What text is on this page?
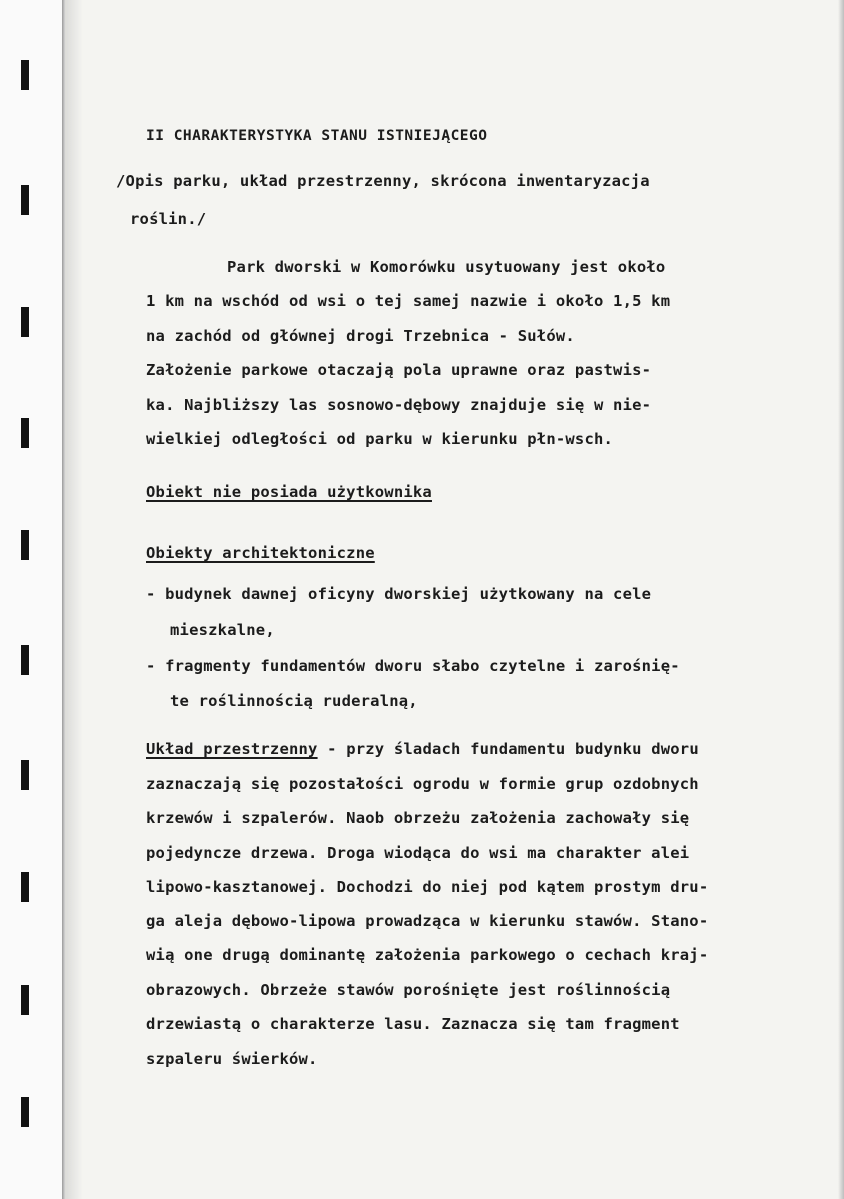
II CHARAKTERYSTYKA STANU ISTNIEJĄCEGO
/Opis parku, układ przestrzenny, skrócona inwentaryzacja
roślin./
Park dworski w Komorówku usytuowany jest około
1 km na wschód od wsi o tej samej nazwie i około 1,5 km
na zachód od głównej drogi Trzebnica - Sułów.
Założenie parkowe otaczają pola uprawne oraz pastwis-
ka. Najbliższy las sosnowo-dębowy znajduje się w nie-
wielkiej odległości od parku w kierunku płn-wsch.
Obiekt nie posiada użytkownika
Obiekty architektoniczne
- budynek dawnej oficyny dworskiej użytkowany na cele
mieszkalne,
- fragmenty fundamentów dworu słabo czytelne i zarośnię-
te roślinnością ruderalną,
Układ przestrzenny - przy śladach fundamentu budynku dworu
zaznaczają się pozostałości ogrodu w formie grup ozdobnych
krzewów i szpalerów. Naob obrzeżu założenia zachowały się
pojedyncze drzewa. Droga wiodąca do wsi ma charakter alei
lipowo-kasztanowej. Dochodzi do niej pod kątem prostym dru-
ga aleja dębowo-lipowa prowadząca w kierunku stawów. Stano-
wią one drugą dominantę założenia parkowego o cechach kraj-
obrazowych. Obrzeże stawów porośnięte jest roślinnością
drzewiastą o charakterze lasu. Zaznacza się tam fragment
szpaleru świerków.
